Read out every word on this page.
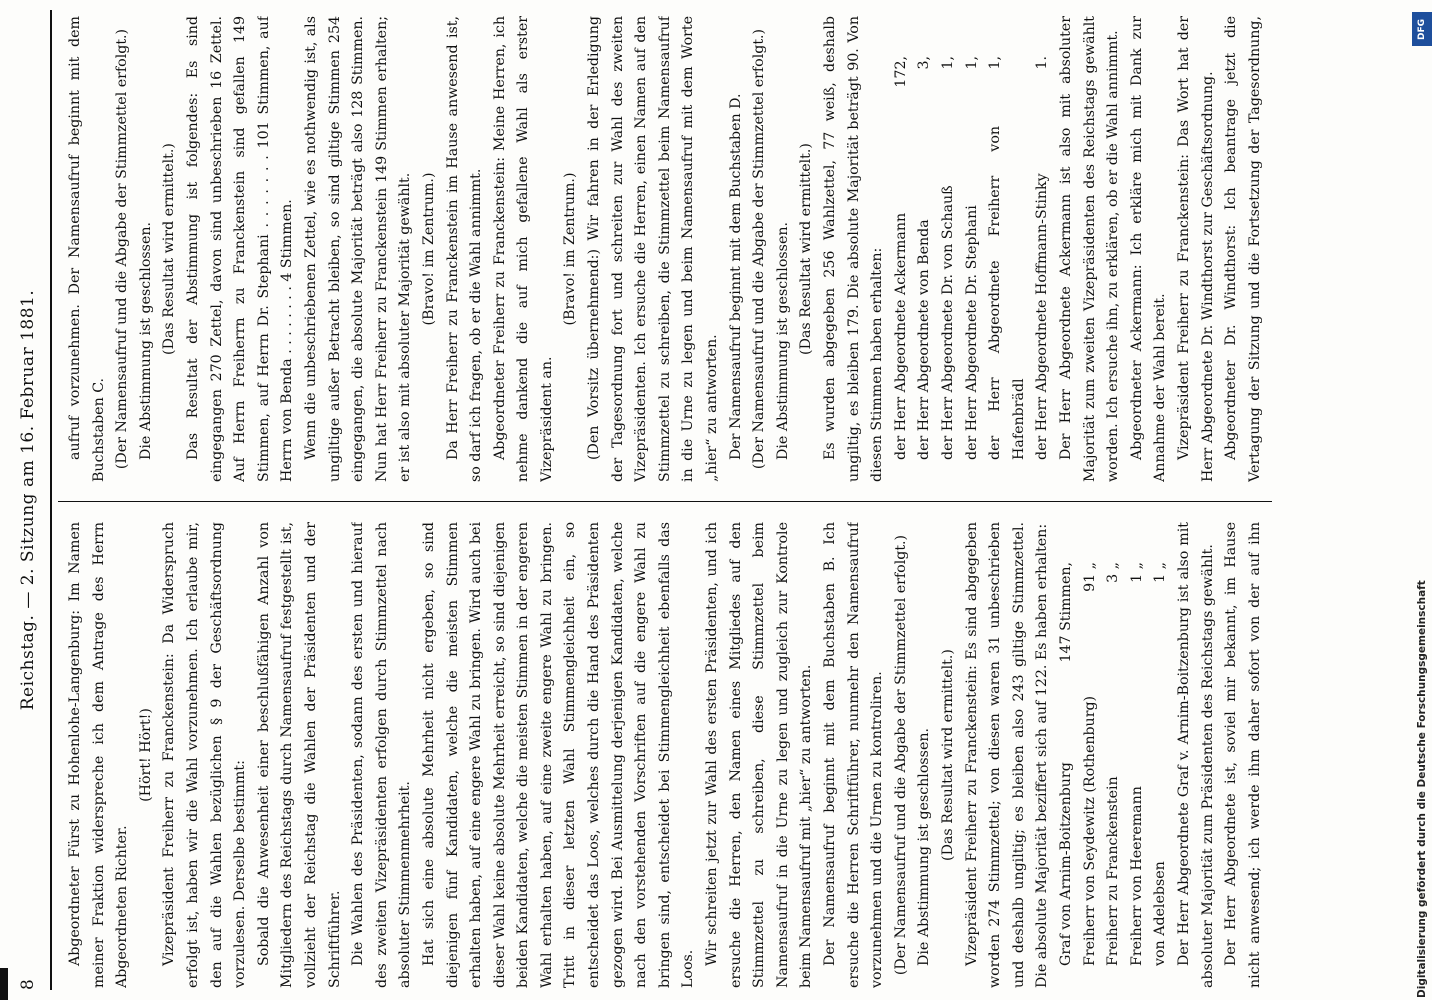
8
Reichstag. — 2. Sitzung am 16. Februar 1881.

Abgeordneter Fürst zu Hohenlohe-Langenburg: Im Namen meiner Fraktion widerspreche ich dem Antrage des Herrn Abgeordneten Richter.

(Hört! Hört!) Vizepräsident Freiherr zu Franckenstein: Da Widerspruch erfolgt ist, haben wir die Wahl vorzunehmen. Ich erlaube mir, den auf die Wahlen bezüglichen § 9 der Geschäftsordnung vorzulesen. Derselbe bestimmt: Sobald die Anwesenheit einer beschlußfähigen Anzahl von Mitgliedern des Reichstags durch Namensaufruf festgestellt ist, vollzieht der Reichstag die Wahlen der Präsidenten und der Schriftführer. Die Wahlen des Präsidenten, sodann des ersten und hierauf des zweiten Vizepräsidenten erfolgen durch Stimmzettel nach absoluter Stimmenmehrheit. Hat sich eine absolute Mehrheit nicht ergeben, so sind diejenigen fünf Kandidaten, welche die meisten Stimmen erhalten haben, auf eine engere Wahl zu bringen. Wird auch bei dieser Wahl keine absolute Mehrheit erreicht, so sind diejenigen beiden Kandidaten, welche die meisten Stimmen in der engeren Wahl erhalten haben, auf eine zweite engere Wahl zu bringen. Tritt in dieser letzten Wahl Stimmengleichheit ein, so entscheidet das Loos, welches durch die Hand des Präsidenten gezogen wird. Bei Ausmittelung derjenigen Kandidaten, welche nach den vorstehenden Vorschriften auf die engere Wahl zu bringen sind, entscheidet bei Stimmengleichheit ebenfalls das Loos.

Wir schreiten jetzt zur Wahl des ersten Präsidenten, und ich ersuche die Herren, den Namen eines Mitgliedes auf den Stimmzettel zu schreiben, diese Stimmzettel beim Namensaufruf in die Urne zu legen und zugleich zur Kontrole beim Namensaufruf mit „hier“ zu antworten. Der Namensaufruf beginnt mit dem Buchstaben B. Ich ersuche die Herren Schriftführer, nunmehr den Namensaufruf vorzunehmen und die Urnen zu kontroliren. (Der Namensaufruf und die Abgabe der Stimmzettel erfolgt.) Die Abstimmung ist geschlossen. (Das Resultat wird ermittelt.) Vizepräsident Freiherr zu Franckenstein: Es sind abgegeben worden 274 Stimmzettel; von diesen waren 31 unbeschrieben und deshalb ungiltig; es bleiben also 243 giltige Stimmzettel. Die absolute Majorität beziffert sich auf 122. Es haben erhalten: Graf von Arnim-Boitzenburg
147 Stimmen,
Freiherr von Seydewitz (Rothenburg)
91 „
Freiherr zu Franckenstein
3 „
Freiherr von Heeremann
1 „
von Adelebsen
1 „ Der Herr Abgeordnete Graf v. Arnim-Boitzenburg ist also mit absoluter Majorität zum Präsidenten des Reichstags gewählt. Der Herr Abgeordnete ist, soviel mir bekannt, im Hause nicht anwesend; ich werde ihm daher sofort von der auf ihn

aufruf vorzunehmen. Der Namensaufruf beginnt mit dem Buchstaben C. (Der Namensaufruf und die Abgabe der Stimmzettel erfolgt.) Die Abstimmung ist geschlossen. (Das Resultat wird ermittelt.) Das Resultat der Abstimmung ist folgendes: Es sind eingegangen 270 Zettel, davon sind unbeschrieben 16 Zettel. Auf Herrn Freiherrn zu Franckenstein sind gefallen 149 Stimmen, auf Herrn Dr. Stephani . . . . . . . 101 Stimmen, auf Herrn von Benda . . . . . . . . 4 Stimmen. Wenn die unbeschriebenen Zettel, wie es nothwendig ist, als ungiltige außer Betracht bleiben, so sind giltige Stimmen 254 eingegangen, die absolute Majorität beträgt also 128 Stimmen. Nun hat Herr Freiherr zu Franckenstein 149 Stimmen erhalten; er ist also mit absoluter Majorität gewählt. (Bravo! im Zentrum.) Da Herr Freiherr zu Franckenstein im Hause anwesend ist, so darf ich fragen, ob er die Wahl annimmt. Abgeordneter Freiherr zu Franckenstein: Meine Herren, ich nehme dankend die auf mich gefallene Wahl als erster Vizepräsident an.

(Bravo! im Zentrum.) (Den Vorsitz übernehmend:) Wir fahren in der Erledigung der Tagesordnung fort und schreiten zur Wahl des zweiten Vizepräsidenten. Ich ersuche die Herren, einen Namen auf den Stimmzettel zu schreiben, die Stimmzettel beim Namensaufruf in die Urne zu legen und beim Namensaufruf mit dem Worte „hier“ zu antworten. Der Namensaufruf beginnt mit dem Buchstaben D. (Der Namensaufruf und die Abgabe der Stimmzettel erfolgt.) Die Abstimmung ist geschlossen. (Das Resultat wird ermittelt.) Es wurden abgegeben 256 Wahlzettel, 77 weiß, deshalb ungiltig, es bleiben 179. Die absolute Majorität beträgt 90. Von diesen Stimmen haben erhalten: der Herr Abgeordnete Ackermann
172,
der Herr Abgeordnete von Benda
3,
der Herr Abgeordnete Dr. von Schauß
1,
der Herr Abgeordnete Dr. Stephani
1,
der Herr Abgeordnete Freiherr von Hafenbrädl
1,
der Herr Abgeordnete Hoffmann-Stinky
1. Der Herr Abgeordnete Ackermann ist also mit absoluter Majorität zum zweiten Vizepräsidenten des Reichstags gewählt worden. Ich ersuche ihn, zu erklären, ob er die Wahl annimmt. Abgeordneter Ackermann: Ich erkläre mich mit Dank zur Annahme der Wahl bereit. Vizepräsident Freiherr zu Franckenstein: Das Wort hat der Herr Abgeordnete Dr. Windthorst zur Geschäftsordnung. Abgeordneter Dr. Windthorst: Ich beantrage jetzt die Vertagung der Sitzung und die Fortsetzung der Tagesordnung,

Digitalisierung gefördert durch die Deutsche Forschungsgemeinschaft
DFG
